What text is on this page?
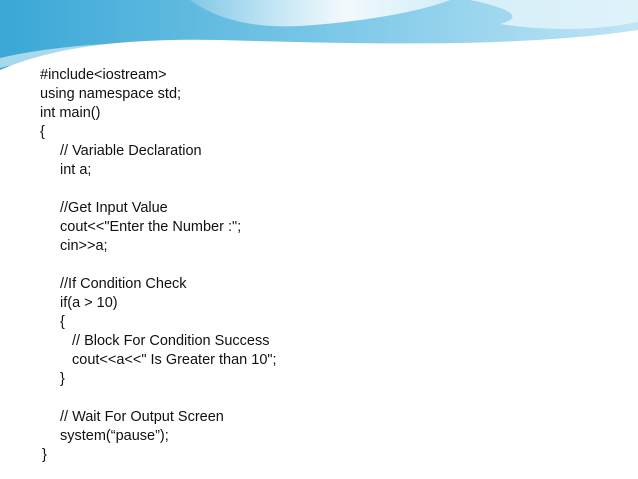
#include<iostream>
using namespace std;
int main()
{
// Variable Declaration
int a;
//Get Input Value
cout<<"Enter the Number :";
cin>>a;
//If Condition Check
if(a > 10)
{
// Block For Condition Success
cout<<a<<" Is Greater than 10";
}
// Wait For Output Screen
system(“pause”);
}
